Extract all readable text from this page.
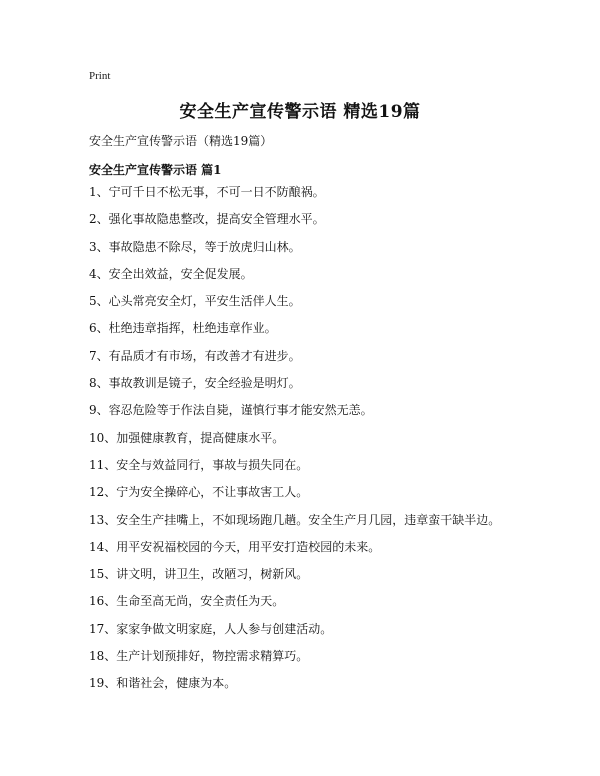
Print
安全生产宣传警示语 精选19篇
安全生产宣传警示语（精选19篇）
安全生产宣传警示语 篇1
1、宁可千日不松无事，不可一日不防酿祸。
2、强化事故隐患整改，提高安全管理水平。
3、事故隐患不除尽，等于放虎归山林。
4、安全出效益，安全促发展。
5、心头常亮安全灯，平安生活伴人生。
6、杜绝违章指挥，杜绝违章作业。
7、有品质才有市场，有改善才有进步。
8、事故教训是镜子，安全经验是明灯。
9、容忍危险等于作法自毙，谨慎行事才能安然无恙。
10、加强健康教育，提高健康水平。
11、安全与效益同行，事故与损失同在。
12、宁为安全操碎心，不让事故害工人。
13、安全生产挂嘴上，不如现场跑几趟。安全生产月几园，违章蛮干缺半边。
14、用平安祝福校园的今天，用平安打造校园的未来。
15、讲文明，讲卫生，改陋习，树新风。
16、生命至高无尚，安全责任为天。
17、家家争做文明家庭，人人参与创建活动。
18、生产计划预排好，物控需求精算巧。
19、和谐社会，健康为本。
